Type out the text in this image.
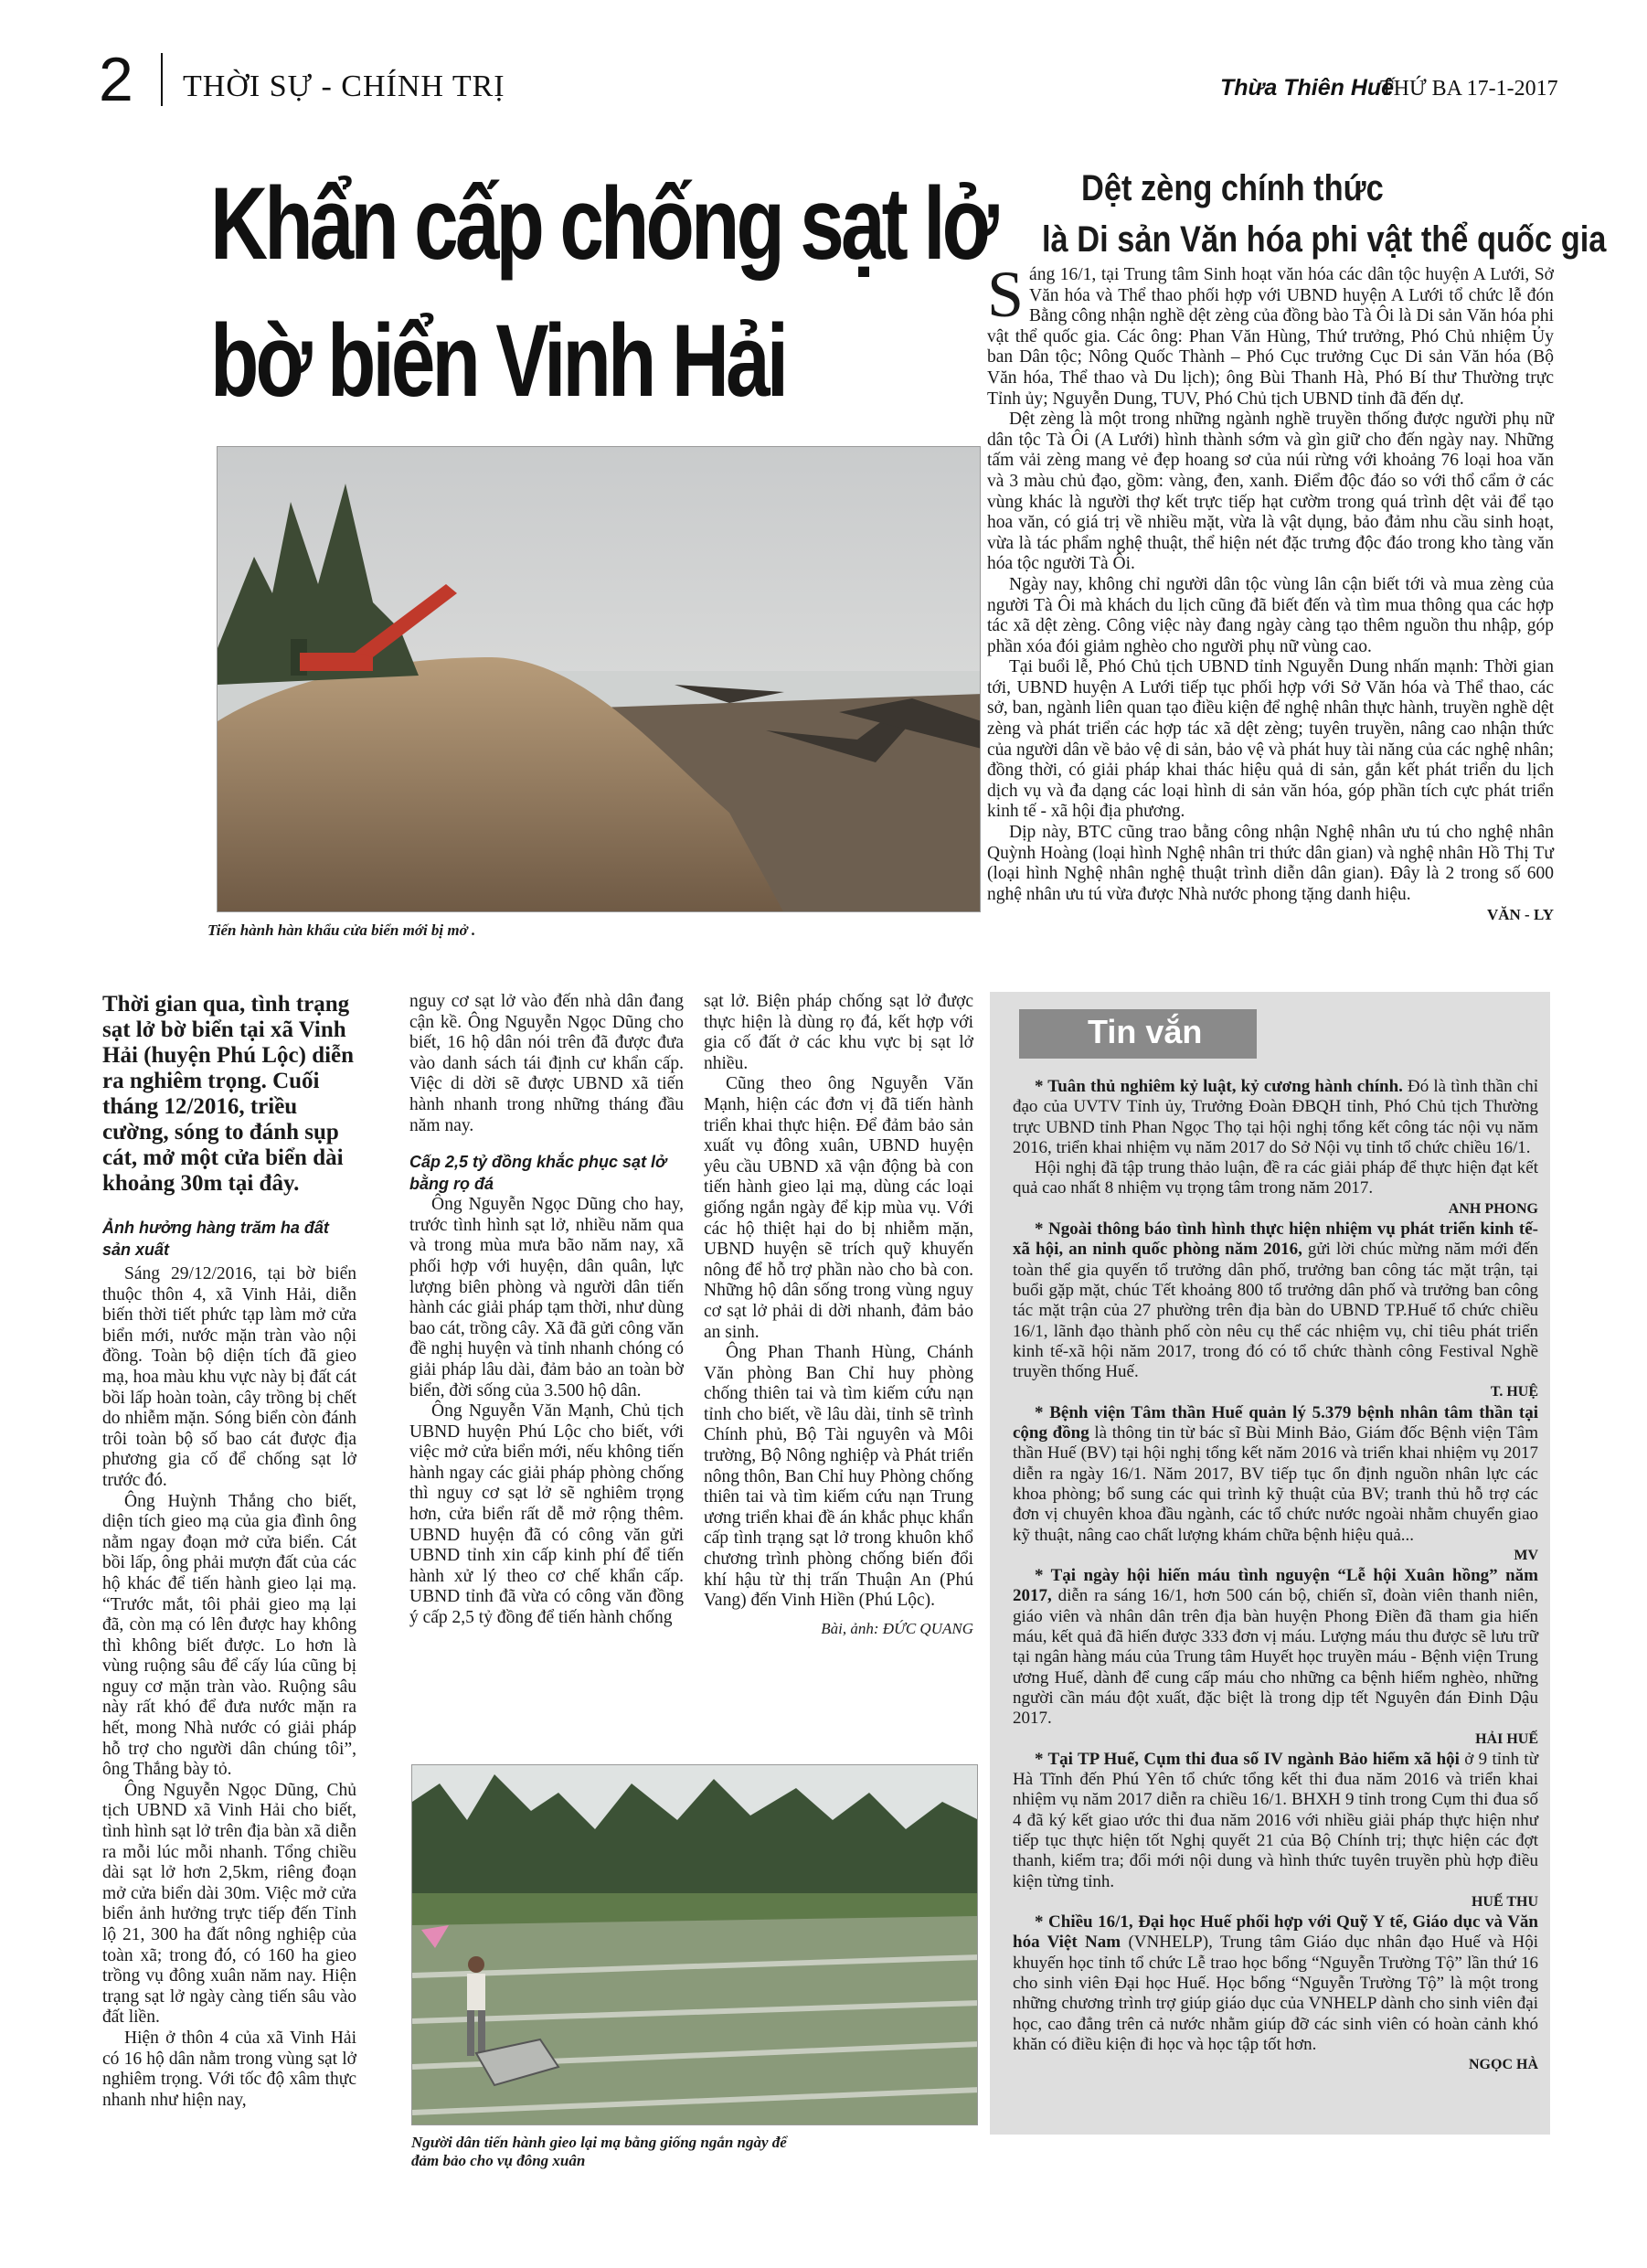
2 THỜI SỰ - CHÍNH TRỊ	Thừa Thiên Huế
THỨ BA 17-1-2017
Khẩn cấp chống sạt lở
bờ biển Vinh Hải
Tiến hành hàn khẩu cửa biển mới bị mở .
Dệt zèng chính thức
là Di sản Văn hóa phi vật thể quốc gia

Sáng 16/1, tại Trung tâm Sinh hoạt văn hóa các dân tộc huyện A Lưới, Sở Văn hóa và Thể thao phối hợp với UBND huyện A Lưới tổ chức lễ đón Bằng công nhận nghề dệt zèng của đồng bào Tà Ôi là Di sản Văn hóa phi vật thể quốc gia. Các ông: Phan Văn Hùng, Thứ trưởng, Phó Chủ nhiệm Ủy ban Dân tộc; Nông Quốc Thành – Phó Cục trưởng Cục Di sản Văn hóa (Bộ Văn hóa, Thể thao và Du lịch); ông Bùi Thanh Hà, Phó Bí thư Thường trực Tỉnh ủy; Nguyễn Dung, TUV, Phó Chủ tịch UBND tỉnh đã đến dự.

Dệt zèng là một trong những ngành nghề truyền thống được người phụ nữ dân tộc Tà Ôi (A Lưới) hình thành sớm và gìn giữ cho đến ngày nay. Những tấm vải zèng mang vẻ đẹp hoang sơ của núi rừng với khoảng 76 loại hoa văn và 3 màu chủ đạo, gồm: vàng, đen, xanh. Điểm độc đáo so với thổ cẩm ở các vùng khác là người thợ kết trực tiếp hạt cườm trong quá trình dệt vải để tạo hoa văn, có giá trị về nhiều mặt, vừa là vật dụng, bảo đảm nhu cầu sinh hoạt, vừa là tác phẩm nghệ thuật, thể hiện nét đặc trưng độc đáo trong kho tàng văn hóa tộc người Tà Ôi.

Ngày nay, không chỉ người dân tộc vùng lân cận biết tới và mua zèng của người Tà Ôi mà khách du lịch cũng đã biết đến và tìm mua thông qua các hợp tác xã dệt zèng. Công việc này đang ngày càng tạo thêm nguồn thu nhập, góp phần xóa đói giảm nghèo cho người phụ nữ vùng cao.

Tại buổi lễ, Phó Chủ tịch UBND tỉnh Nguyễn Dung nhấn mạnh: Thời gian tới, UBND huyện A Lưới tiếp tục phối hợp với Sở Văn hóa và Thể thao, các sở, ban, ngành liên quan tạo điều kiện để nghệ nhân thực hành, truyền nghề dệt zèng và phát triển các hợp tác xã dệt zèng; tuyên truyền, nâng cao nhận thức của người dân về bảo vệ di sản, bảo vệ và phát huy tài năng của các nghệ nhân; đồng thời, có giải pháp khai thác hiệu quả di sản, gắn kết phát triển du lịch dịch vụ và đa dạng các loại hình di sản văn hóa, góp phần tích cực phát triển kinh tế - xã hội địa phương.

Dịp này, BTC cũng trao bằng công nhận Nghệ nhân ưu tú cho nghệ nhân Quỳnh Hoàng (loại hình Nghệ nhân tri thức dân gian) và nghệ nhân Hồ Thị Tư (loại hình Nghệ nhân nghệ thuật trình diễn dân gian). Đây là 2 trong số 600 nghệ nhân ưu tú vừa được Nhà nước phong tặng danh hiệu.

VĂN - LY
Thời gian qua, tình trạng sạt lở bờ biển tại xã Vinh Hải (huyện Phú Lộc) diễn ra nghiêm trọng. Cuối tháng 12/2016, triều cường, sóng to đánh sụp cát, mở một cửa biển dài khoảng 30m tại đây.
Ảnh hưởng hàng trăm ha đất sản xuất

Sáng 29/12/2016, tại bờ biển thuộc thôn 4, xã Vinh Hải, diễn biến thời tiết phức tạp làm mở cửa biển mới, nước mặn tràn vào nội đồng. Toàn bộ diện tích đã gieo mạ, hoa màu khu vực này bị đất cát bồi lấp hoàn toàn, cây trồng bị chết do nhiễm mặn. Sóng biển còn đánh trôi toàn bộ số bao cát được địa phương gia cố để chống sạt lở trước đó.

Ông Huỳnh Thắng cho biết, diện tích gieo mạ của gia đình ông nằm ngay đoạn mở cửa biển. Cát bồi lấp, ông phải mượn đất của các hộ khác để tiến hành gieo lại mạ. “Trước mắt, tôi phải gieo mạ lại đã, còn mạ có lên được hay không thì không biết được. Lo hơn là vùng ruộng sâu để cấy lúa cũng bị nguy cơ mặn tràn vào. Ruộng sâu này rất khó để đưa nước mặn ra hết, mong Nhà nước có giải pháp hỗ trợ cho người dân chúng tôi”, ông Thắng bày tỏ.

Ông Nguyễn Ngọc Dũng, Chủ tịch UBND xã Vinh Hải cho biết, tình hình sạt lở trên địa bàn xã diễn ra mỗi lúc mỗi nhanh. Tổng chiều dài sạt lở hơn 2,5km, riêng đoạn mở cửa biển dài 30m. Việc mở cửa biển ảnh hưởng trực tiếp đến Tỉnh lộ 21, 300 ha đất nông nghiệp của toàn xã; trong đó, có 160 ha gieo trồng vụ đông xuân năm nay. Hiện trạng sạt lở ngày càng tiến sâu vào đất liền.

Hiện ở thôn 4 của xã Vinh Hải có 16 hộ dân nằm trong vùng sạt lở nghiêm trọng. Với tốc độ xâm thực nhanh như hiện nay,

nguy cơ sạt lở vào đến nhà dân đang cận kề. Ông Nguyễn Ngọc Dũng cho biết, 16 hộ dân nói trên đã được đưa vào danh sách tái định cư khẩn cấp. Việc di dời sẽ được UBND xã tiến hành nhanh trong những tháng đầu năm nay.

Cấp 2,5 tỷ đồng khắc phục sạt lở bằng rọ đá

Ông Nguyễn Ngọc Dũng cho hay, trước tình hình sạt lở, nhiều năm qua và trong mùa mưa bão năm nay, xã phối hợp với huyện, dân quân, lực lượng biên phòng và người dân tiến hành các giải pháp tạm thời, như dùng bao cát, trồng cây. Xã đã gửi công văn đề nghị huyện và tỉnh nhanh chóng có giải pháp lâu dài, đảm bảo an toàn bờ biển, đời sống của 3.500 hộ dân.

Ông Nguyễn Văn Mạnh, Chủ tịch UBND huyện Phú Lộc cho biết, với việc mở cửa biển mới, nếu không tiến hành ngay các giải pháp phòng chống thì nguy cơ sạt lở sẽ nghiêm trọng hơn, cửa biển rất dễ mở rộng thêm. UBND huyện đã có công văn gửi UBND tỉnh xin cấp kinh phí để tiến hành xử lý theo cơ chế khẩn cấp. UBND tỉnh đã vừa có công văn đồng ý cấp 2,5 tỷ đồng để tiến hành chống

sạt lở. Biện pháp chống sạt lở được thực hiện là dùng rọ đá, kết hợp với gia cố đất ở các khu vực bị sạt lở nhiều.

Cũng theo ông Nguyễn Văn Mạnh, hiện các đơn vị đã tiến hành triển khai thực hiện. Để đảm bảo sản xuất vụ đông xuân, UBND huyện yêu cầu UBND xã vận động bà con tiến hành gieo lại mạ, dùng các loại giống ngắn ngày để kịp mùa vụ. Với các hộ thiệt hại do bị nhiễm mặn, UBND huyện sẽ trích quỹ khuyến nông để hỗ trợ phần nào cho bà con. Những hộ dân sống trong vùng nguy cơ sạt lở phải di dời nhanh, đảm bảo an sinh.

Ông Phan Thanh Hùng, Chánh Văn phòng Ban Chỉ huy phòng chống thiên tai và tìm kiếm cứu nạn tỉnh cho biết, về lâu dài, tỉnh sẽ trình Chính phủ, Bộ Tài nguyên và Môi trường, Bộ Nông nghiệp và Phát triển nông thôn, Ban Chỉ huy Phòng chống thiên tai và tìm kiếm cứu nạn Trung ương triển khai đề án khắc phục khẩn cấp tình trạng sạt lở trong khuôn khổ chương trình phòng chống biến đổi khí hậu từ thị trấn Thuận An (Phú Vang) đến Vinh Hiền (Phú Lộc).

Bài, ảnh: ĐỨC QUANG
Người dân tiến hành gieo lại mạ bằng giống ngắn ngày để đảm bảo cho vụ đông xuân
Tin vắn

* Tuân thủ nghiêm kỷ luật, kỷ cương hành chính. Đó là tình thần chỉ đạo của UVTV Tỉnh ủy, Trưởng Đoàn ĐBQH tỉnh, Phó Chủ tịch Thường trực UBND tỉnh Phan Ngọc Thọ tại hội nghị tổng kết công tác nội vụ năm 2016, triển khai nhiệm vụ năm 2017 do Sở Nội vụ tỉnh tổ chức chiều 16/1.

Hội nghị đã tập trung thảo luận, đề ra các giải pháp để thực hiện đạt kết quả cao nhất 8 nhiệm vụ trọng tâm trong năm 2017.

ANH PHONG

* Ngoài thông báo tình hình thực hiện nhiệm vụ phát triển kinh tế-xã hội, an ninh quốc phòng năm 2016, gửi lời chúc mừng năm mới đến toàn thể gia quyến tổ trưởng dân phố, trưởng ban công tác mặt trận, tại buổi gặp mặt, chúc Tết khoảng 800 tổ trưởng dân phố và trưởng ban công tác mặt trận của 27 phường trên địa bàn do UBND TP.Huế tổ chức chiều 16/1, lãnh đạo thành phố còn nêu cụ thể các nhiệm vụ, chỉ tiêu phát triển kinh tế-xã hội năm 2017, trong đó có tổ chức thành công Festival Nghề truyền thống Huế.

T. HUỆ

* Bệnh viện Tâm thần Huế quản lý 5.379 bệnh nhân tâm thần tại cộng đồng là thông tin từ bác sĩ Bùi Minh Bảo, Giám đốc Bệnh viện Tâm thần Huế (BV) tại hội nghị tổng kết năm 2016 và triển khai nhiệm vụ 2017 diễn ra ngày 16/1. Năm 2017, BV tiếp tục ổn định nguồn nhân lực các khoa phòng; bổ sung các qui trình kỹ thuật của BV; tranh thủ hỗ trợ các đơn vị chuyên khoa đầu ngành, các tổ chức nước ngoài nhằm chuyển giao kỹ thuật, nâng cao chất lượng khám chữa bệnh hiệu quả...

MV

* Tại ngày hội hiến máu tình nguyện “Lễ hội Xuân hồng” năm 2017, diễn ra sáng 16/1, hơn 500 cán bộ, chiến sĩ, đoàn viên thanh niên, giáo viên và nhân dân trên địa bàn huyện Phong Điền đã tham gia hiến máu, kết quả đã hiến được 333 đơn vị máu. Lượng máu thu được sẽ lưu trữ tại ngân hàng máu của Trung tâm Huyết học truyền máu - Bệnh viện Trung ương Huế, dành để cung cấp máu cho những ca bệnh hiểm nghèo, những người cần máu đột xuất, đặc biệt là trong dịp tết Nguyên đán Đinh Dậu 2017.

HẢI HUẾ

* Tại TP Huế, Cụm thi đua số IV ngành Bảo hiểm xã hội ở 9 tỉnh từ Hà Tĩnh đến Phú Yên tổ chức tổng kết thi đua năm 2016 và triển khai nhiệm vụ năm 2017 diễn ra chiều 16/1. BHXH 9 tỉnh trong Cụm thi đua số 4 đã ký kết giao ước thi đua năm 2016 với nhiều giải pháp thực hiện như tiếp tục thực hiện tốt Nghị quyết 21 của Bộ Chính trị; thực hiện các đợt thanh, kiểm tra; đổi mới nội dung và hình thức tuyên truyền phù hợp điều kiện từng tỉnh.

HUẾ THU

* Chiều 16/1, Đại học Huế phối hợp với Quỹ Y tế, Giáo dục và Văn hóa Việt Nam (VNHELP), Trung tâm Giáo dục nhân đạo Huế và Hội khuyến học tỉnh tổ chức Lễ trao học bổng “Nguyễn Trường Tộ” lần thứ 16 cho sinh viên Đại học Huế. Học bổng “Nguyễn Trường Tộ” là một trong những chương trình trợ giúp giáo dục của VNHELP dành cho sinh viên đại học, cao đẳng trên cả nước nhằm giúp đỡ các sinh viên có hoàn cảnh khó khăn có điều kiện đi học và học tập tốt hơn.

NGỌC HÀ
